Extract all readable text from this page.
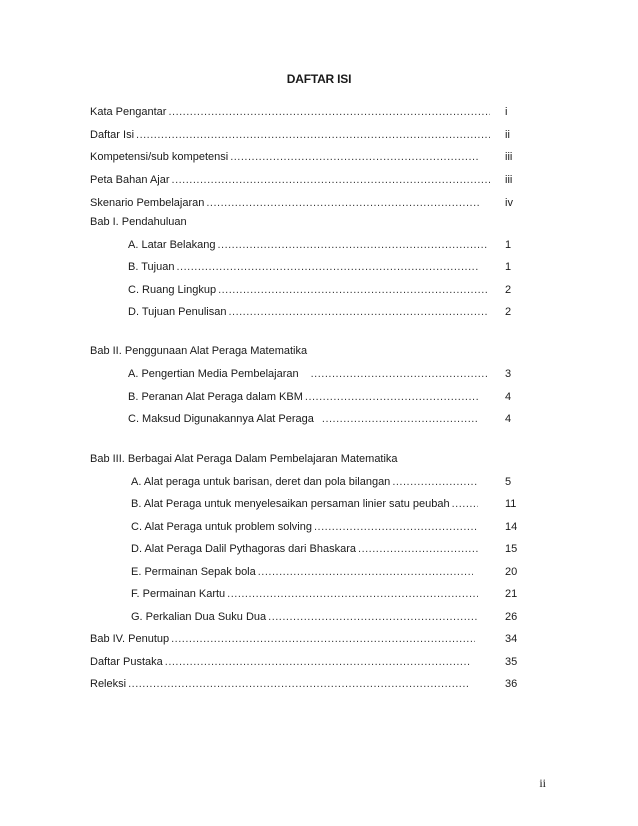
DAFTAR ISI
Kata Pengantar .....	i
Daftar Isi .....	ii
Kompetensi/sub kompetensi .....	iii
Peta Bahan Ajar .....	iii
Skenario Pembelajaran .....	iv
Bab I. Pendahuluan
A. Latar Belakang .....	1
B. Tujuan .....	1
C. Ruang Lingkup .....	2
D. Tujuan Penulisan .....	2
Bab II. Penggunaan Alat Peraga Matematika
A. Pengertian Media Pembelajaran .....	3
B. Peranan Alat Peraga dalam KBM .....	4
C. Maksud Digunakannya Alat Peraga .....	4
Bab III. Berbagai Alat Peraga Dalam Pembelajaran Matematika
A. Alat peraga untuk barisan, deret dan pola bilangan .....	5
B. Alat Peraga untuk menyelesaikan persaman linier satu peubah .....	11
C. Alat Peraga untuk problem solving .....	14
D. Alat Peraga Dalil Pythagoras dari Bhaskara .....	15
E. Permainan Sepak bola .....	20
F. Permainan Kartu .....	21
G. Perkalian Dua Suku Dua .....	26
Bab IV. Penutup .....	34
Daftar Pustaka .....	35
Releksi .....	36
ii
